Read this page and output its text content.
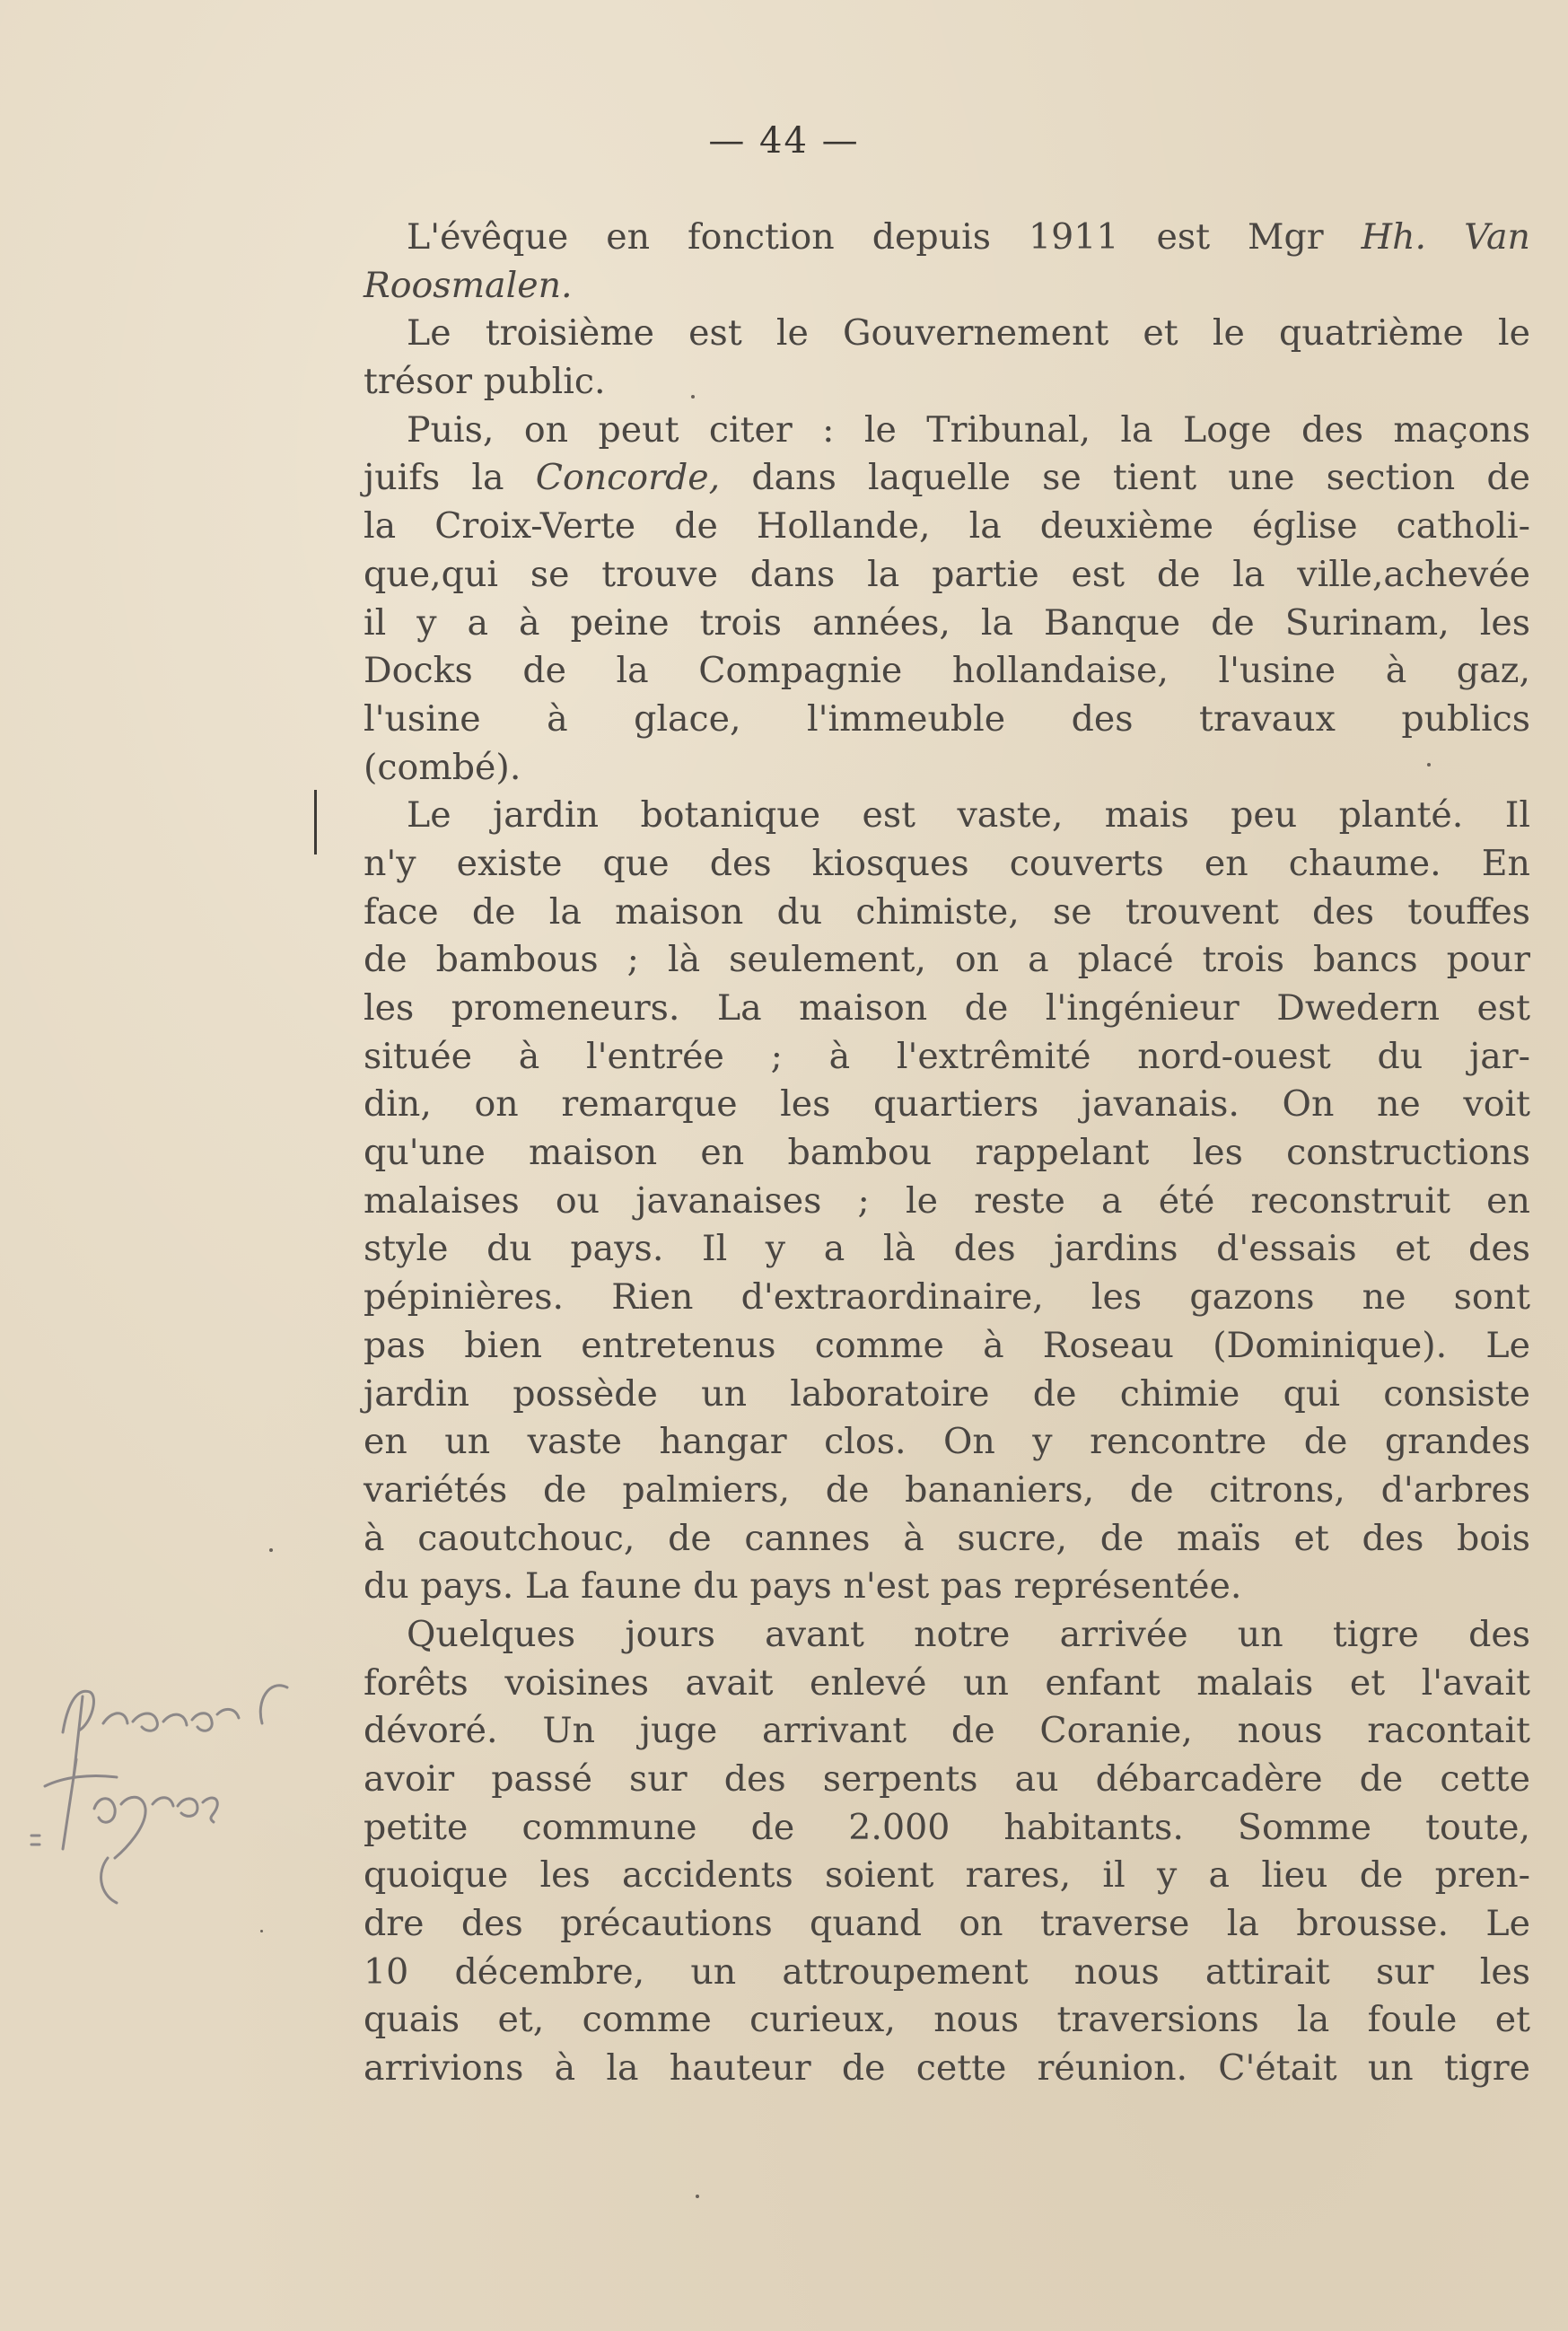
— 44 —
L'évêque en fonction depuis 1911 est Mgr Hh. Van
Roosmalen.
Le troisième est le Gouvernement et le quatrième le
trésor public.
Puis, on peut citer : le Tribunal, la Loge des maçons
juifs la Concorde, dans laquelle se tient une section de
la Croix-Verte de Hollande, la deuxième église catholi-
que,qui se trouve dans la partie est de la ville,achevée
il y a à peine trois années, la Banque de Surinam, les
Docks de la Compagnie hollandaise, l'usine à gaz,
l'usine à glace, l'immeuble des travaux publics
(combé).
Le jardin botanique est vaste, mais peu planté. Il
n'y existe que des kiosques couverts en chaume. En
face de la maison du chimiste, se trouvent des touffes
de bambous ; là seulement, on a placé trois bancs pour
les promeneurs. La maison de l'ingénieur Dwedern est
située à l'entrée ; à l'extrêmité nord-ouest du jar-
din, on remarque les quartiers javanais. On ne voit
qu'une maison en bambou rappelant les constructions
malaises ou javanaises ; le reste a été reconstruit en
style du pays. Il y a là des jardins d'essais et des
pépinières. Rien d'extraordinaire, les gazons ne sont
pas bien entretenus comme à Roseau (Dominique). Le
jardin possède un laboratoire de chimie qui consiste
en un vaste hangar clos. On y rencontre de grandes
variétés de palmiers, de bananiers, de citrons, d'arbres
à caoutchouc, de cannes à sucre, de maïs et des bois
du pays. La faune du pays n'est pas représentée.
Quelques jours avant notre arrivée un tigre des
forêts voisines avait enlevé un enfant malais et l'avait
dévoré. Un juge arrivant de Coranie, nous racontait
avoir passé sur des serpents au débarcadère de cette
petite commune de 2.000 habitants. Somme toute,
quoique les accidents soient rares, il y a lieu de pren-
dre des précautions quand on traverse la brousse. Le
10 décembre, un attroupement nous attirait sur les
quais et, comme curieux, nous traversions la foule et
arrivions à la hauteur de cette réunion. C'était un tigre
